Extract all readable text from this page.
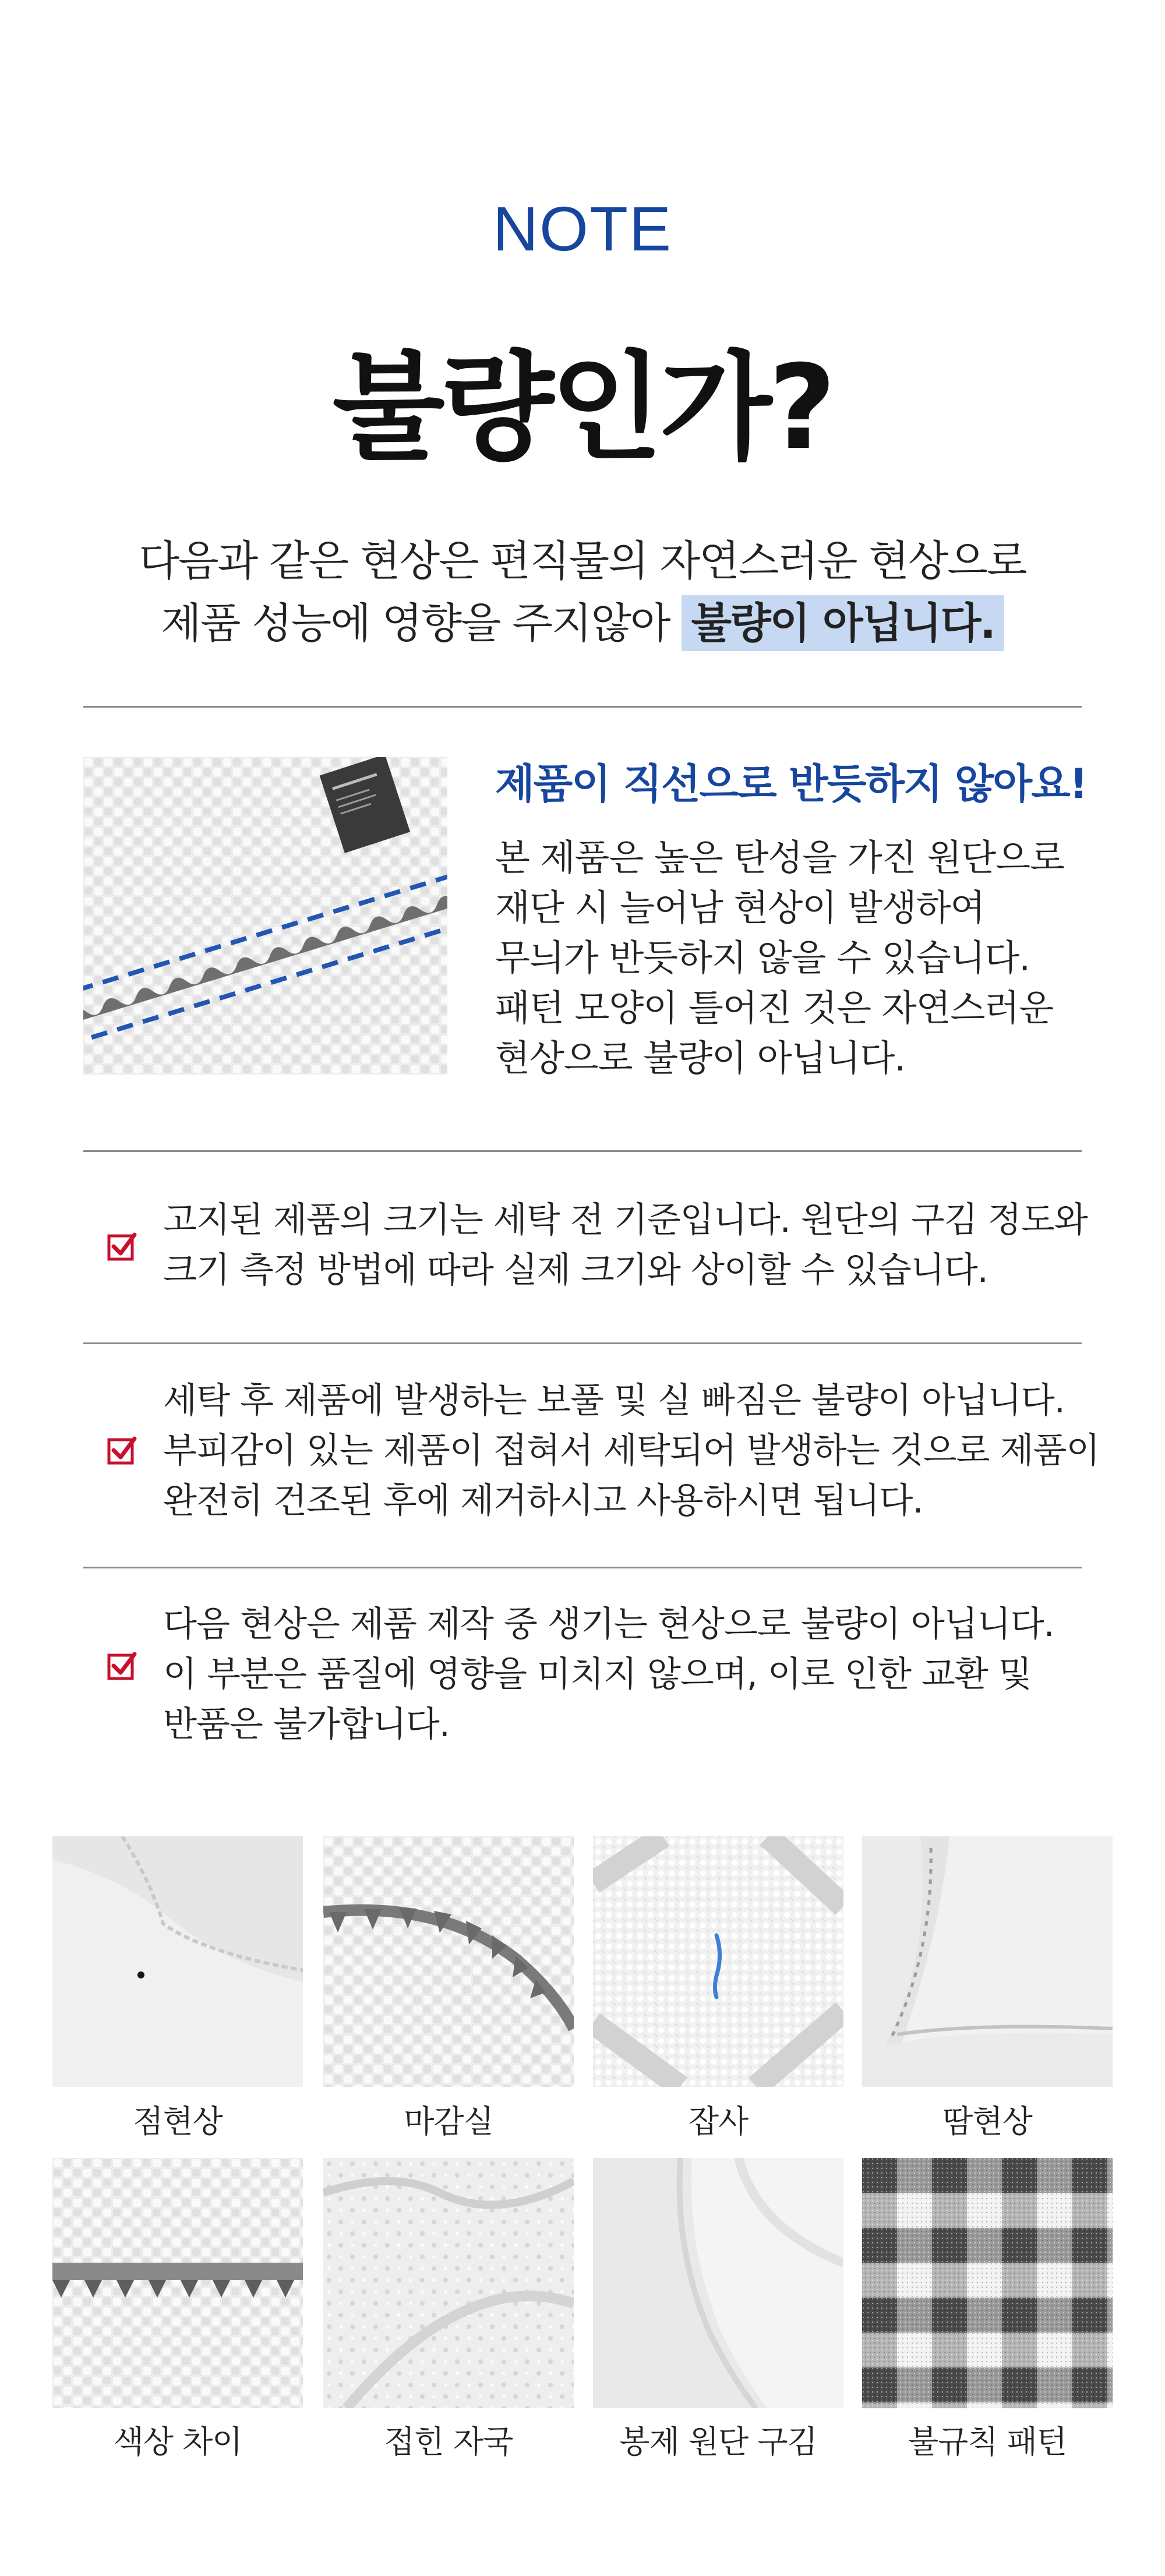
NOTE
불량인가?
다음과 같은 현상은 편직물의 자연스러운 현상으로
제품 성능에 영향을 주지않아 불량이 아닙니다.
제품이 직선으로 반듯하지 않아요!
본 제품은 높은 탄성을 가진 원단으로
재단 시 늘어남 현상이 발생하여
무늬가 반듯하지 않을 수 있습니다.
패턴 모양이 틀어진 것은 자연스러운
현상으로 불량이 아닙니다.
고지된 제품의 크기는 세탁 전 기준입니다. 원단의 구김 정도와
크기 측정 방법에 따라 실제 크기와 상이할 수 있습니다.
세탁 후 제품에 발생하는 보풀 및 실 빠짐은 불량이 아닙니다.
부피감이 있는 제품이 접혀서 세탁되어 발생하는 것으로 제품이
완전히 건조된 후에 제거하시고 사용하시면 됩니다.
다음 현상은 제품 제작 중 생기는 현상으로 불량이 아닙니다.
이 부분은 품질에 영향을 미치지 않으며, 이로 인한 교환 및
반품은 불가합니다.
점현상	마감실	잡사	땀현상
색상 차이	접힌 자국	봉제 원단 구김	불규칙 패턴
